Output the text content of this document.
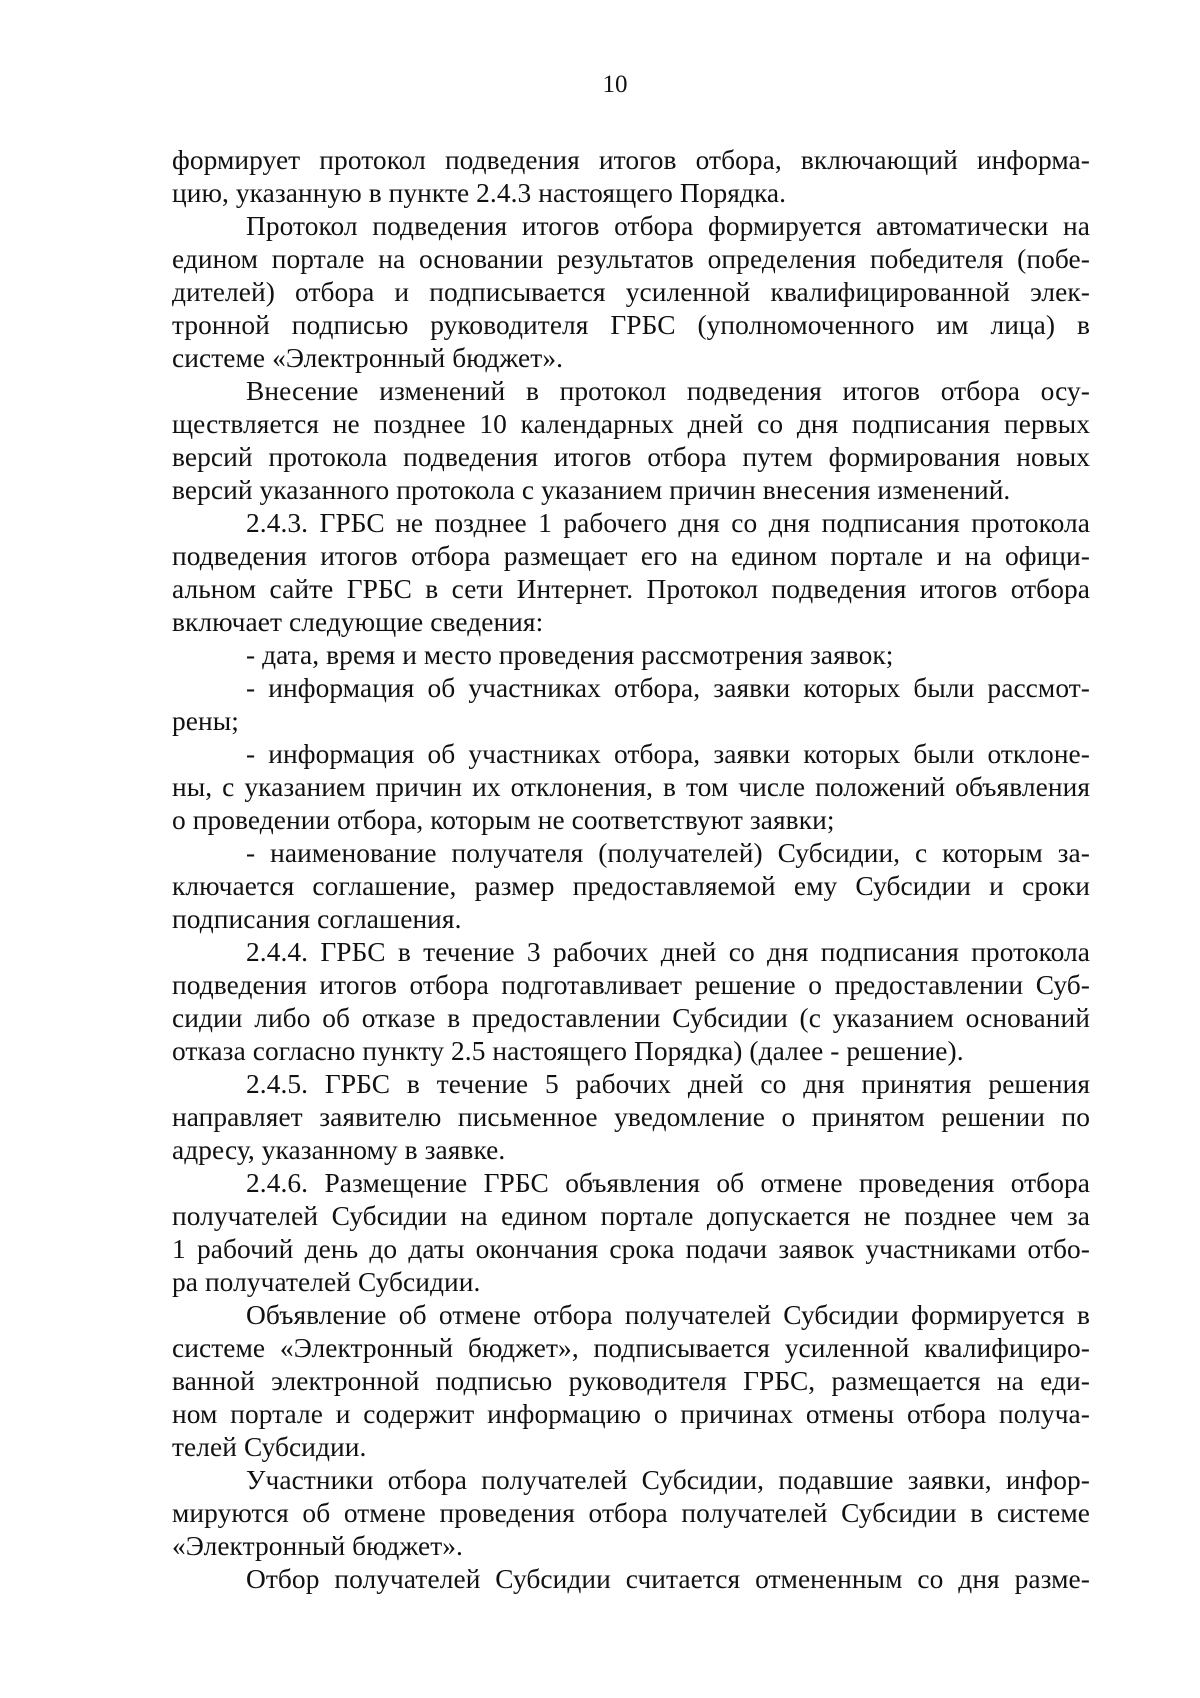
10
формирует протокол подведения итогов отбора, включающий информа-
цию, указанную в пункте 2.4.3 настоящего Порядка.
Протокол подведения итогов отбора формируется автоматически на
едином портале на основании результатов определения победителя (побе-
дителей) отбора и подписывается усиленной квалифицированной элек-
тронной подписью руководителя ГРБС (уполномоченного им лица) в
системе «Электронный бюджет».
Внесение изменений в протокол подведения итогов отбора осу-
ществляется не позднее 10 календарных дней со дня подписания первых
версий протокола подведения итогов отбора путем формирования новых
версий указанного протокола с указанием причин внесения изменений.
2.4.3. ГРБС не позднее 1 рабочего дня со дня подписания протокола
подведения итогов отбора размещает его на едином портале и на офици-
альном сайте ГРБС в сети Интернет. Протокол подведения итогов отбора
включает следующие сведения:
- дата, время и место проведения рассмотрения заявок;
- информация об участниках отбора, заявки которых были рассмот-
рены;
- информация об участниках отбора, заявки которых были отклоне-
ны, с указанием причин их отклонения, в том числе положений объявления
о проведении отбора, которым не соответствуют заявки;
- наименование получателя (получателей) Субсидии, с которым за-
ключается соглашение, размер предоставляемой ему Субсидии и сроки
подписания соглашения.
2.4.4. ГРБС в течение 3 рабочих дней со дня подписания протокола
подведения итогов отбора подготавливает решение о предоставлении Суб-
сидии либо об отказе в предоставлении Субсидии (с указанием оснований
отказа согласно пункту 2.5 настоящего Порядка) (далее - решение).
2.4.5. ГРБС в течение 5 рабочих дней со дня принятия решения
направляет заявителю письменное уведомление о принятом решении по
адресу, указанному в заявке.
2.4.6. Размещение ГРБС объявления об отмене проведения отбора
получателей Субсидии на едином портале допускается не позднее чем за
1 рабочий день до даты окончания срока подачи заявок участниками отбо-
ра получателей Субсидии.
Объявление об отмене отбора получателей Субсидии формируется в
системе «Электронный бюджет», подписывается усиленной квалифициро-
ванной электронной подписью руководителя ГРБС, размещается на еди-
ном портале и содержит информацию о причинах отмены отбора получа-
телей Субсидии.
Участники отбора получателей Субсидии, подавшие заявки, инфор-
мируются об отмене проведения отбора получателей Субсидии в системе
«Электронный бюджет».
Отбор получателей Субсидии считается отмененным со дня разме-
